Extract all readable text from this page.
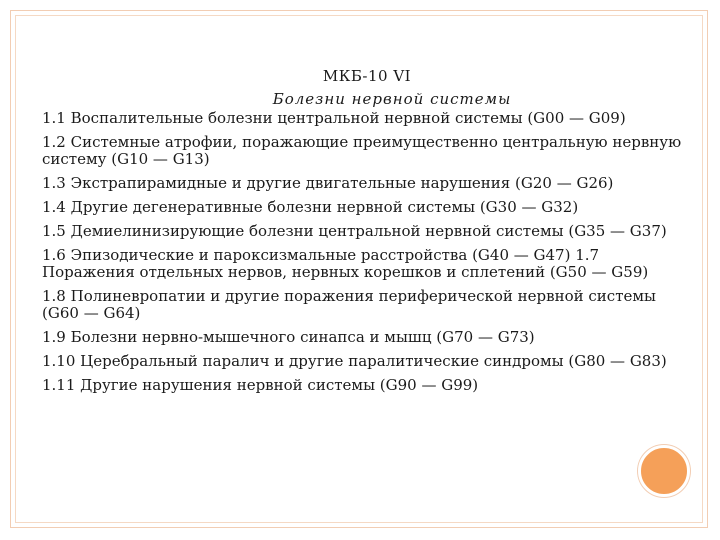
МКБ-10 VI
Болезни нервной системы

1.1 Воспалительные болезни центральной нервной системы (G00 — G09)

1.2 Системные атрофии, поражающие преимущественно центральную нервную систему (G10 — G13)

1.3 Экстрапирамидные и другие двигательные нарушения (G20 — G26)

1.4 Другие дегенеративные болезни нервной системы (G30 — G32)

1.5 Демиелинизирующие болезни центральной нервной системы (G35 — G37)

1.6 Эпизодические и пароксизмальные расстройства (G40 — G47) 1.7 Поражения отдельных нервов, нервных корешков и сплетений (G50 — G59)

1.8 Полиневропатии и другие поражения периферической нервной системы (G60 — G64)

1.9 Болезни нервно-мышечного синапса и мышц (G70 — G73)

1.10 Церебральный паралич и другие паралитические синдромы (G80 — G83)

1.11 Другие нарушения нервной системы (G90 — G99)
